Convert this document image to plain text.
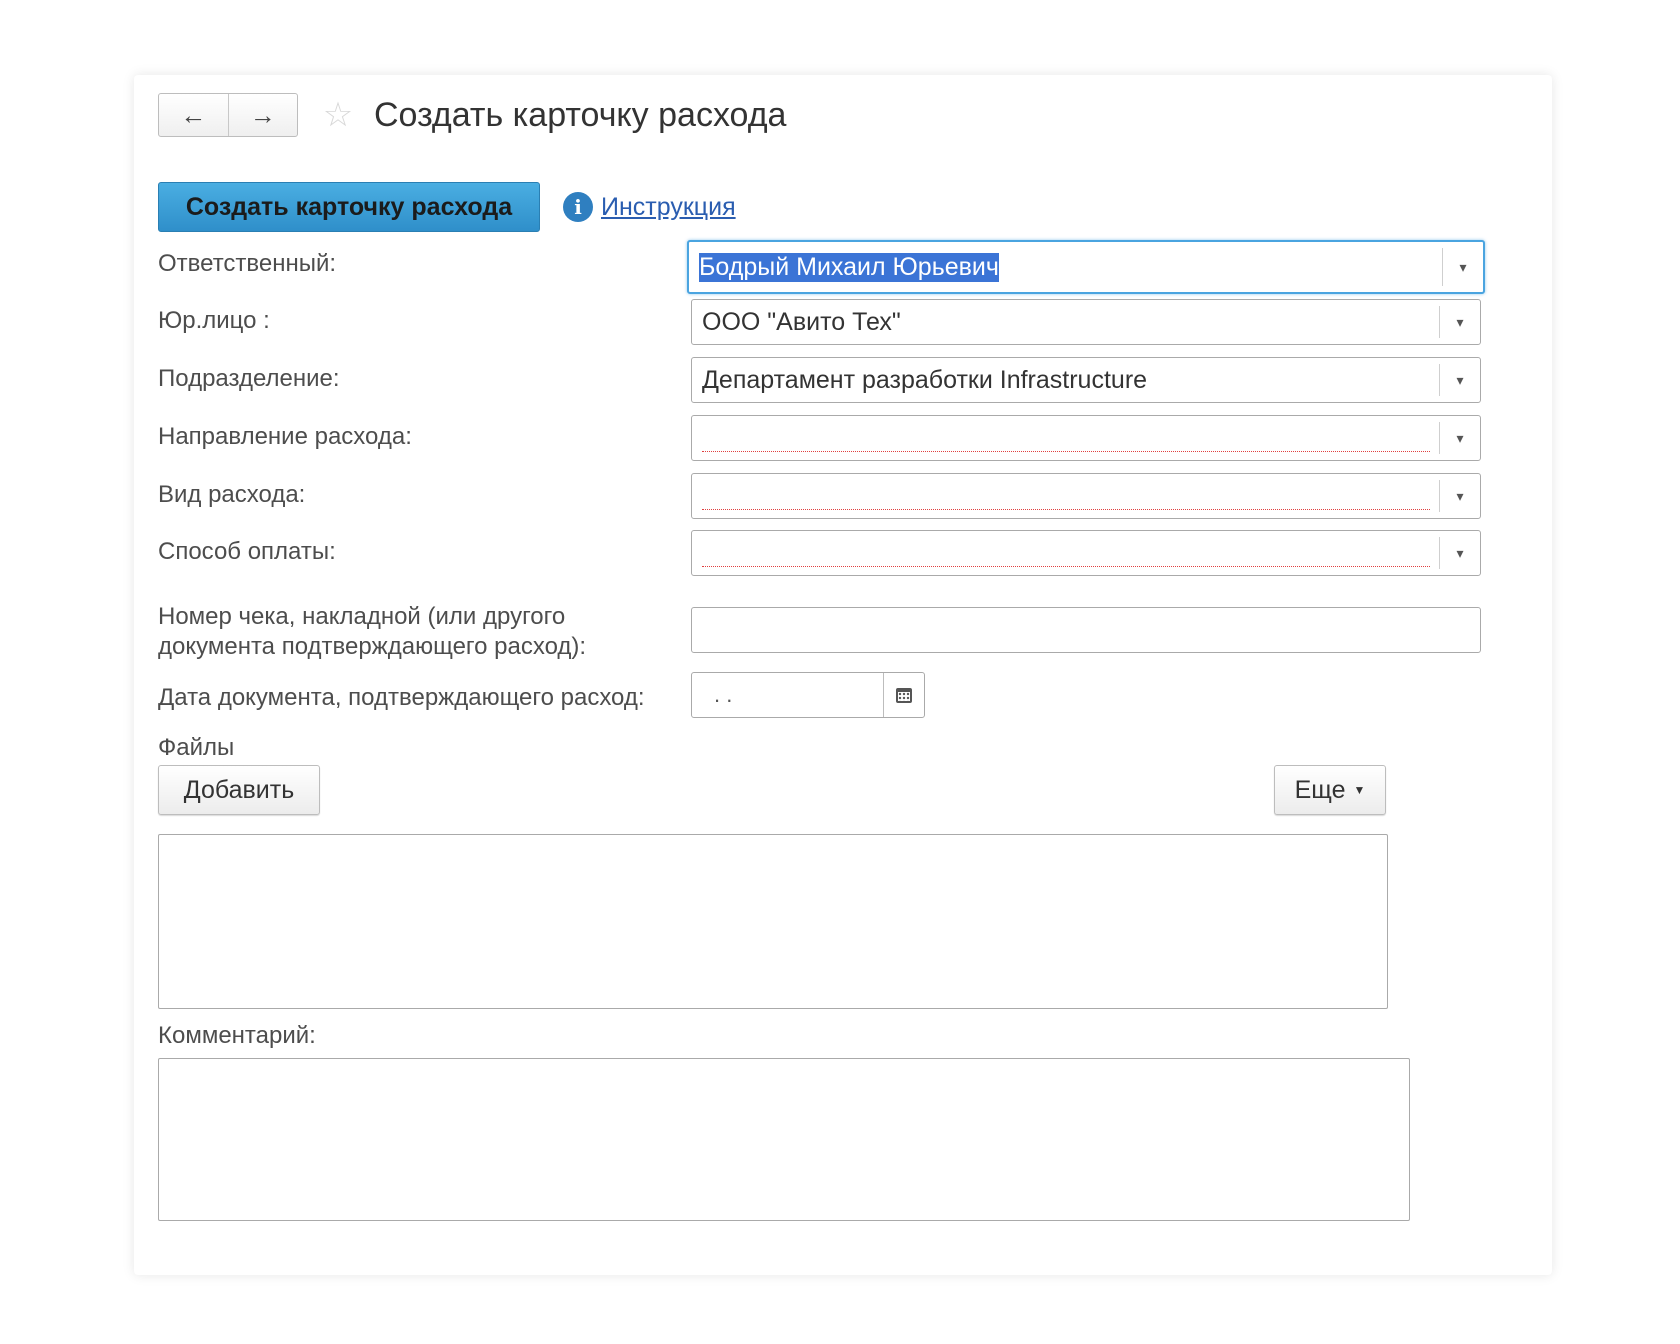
← → ☆ Создать карточку расхода
Создать карточку расхода	i Инструкция
Ответственный:	Бодрый Михаил Юрьевич	▾
Юр.лицо :	ООО "Авито Тех"	▾
Подразделение:	Департамент разработки Infrastructure	▾
Направление расхода:	▾
Вид расхода:	▾
Способ оплаты:	▾
Номер чека, накладной (или другого документа подтверждающего расход):
Дата документа, подтверждающего расход:	. .
Файлы
Добавить	Еще ▼
Комментарий:
